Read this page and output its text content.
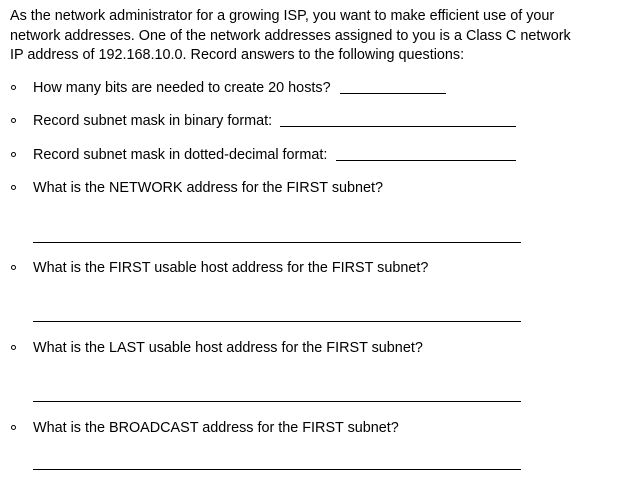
As the network administrator for a growing ISP, you want to make efficient use of your
network addresses. One of the network addresses assigned to you is a Class C network
IP address of 192.168.10.0. Record answers to the following questions:
How many bits are needed to create 20 hosts?
Record subnet mask in binary format:
Record subnet mask in dotted-decimal format:
What is the NETWORK address for the FIRST subnet?
What is the FIRST usable host address for the FIRST subnet?
What is the LAST usable host address for the FIRST subnet?
What is the BROADCAST address for the FIRST subnet?
